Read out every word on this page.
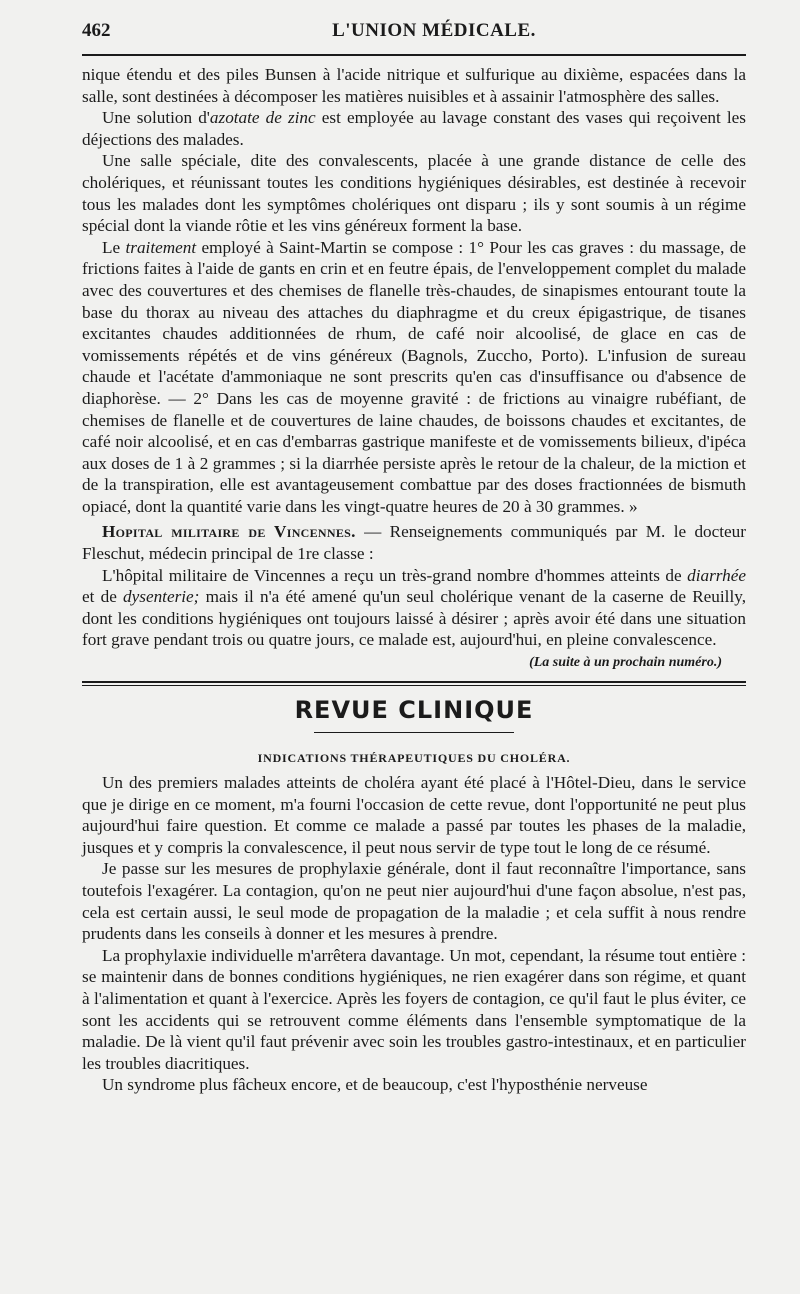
462	L'UNION MÉDICALE.

nique étendu et des piles Bunsen à l'acide nitrique et sulfurique au dixième, espacées dans la salle, sont destinées à décomposer les matières nuisibles et à assainir l'atmosphère des salles.

Une solution d'azotate de zinc est employée au lavage constant des vases qui reçoivent les déjections des malades.

Une salle spéciale, dite des convalescents, placée à une grande distance de celle des cholériques, et réunissant toutes les conditions hygiéniques désirables, est destinée à recevoir tous les malades dont les symptômes cholériques ont disparu ; ils y sont soumis à un régime spécial dont la viande rôtie et les vins généreux forment la base.

Le traitement employé à Saint-Martin se compose : 1° Pour les cas graves : du massage, de frictions faites à l'aide de gants en crin et en feutre épais, de l'enveloppement complet du malade avec des couvertures et des chemises de flanelle très-chaudes, de sinapismes entourant toute la base du thorax au niveau des attaches du diaphragme et du creux épigastrique, de tisanes excitantes chaudes additionnées de rhum, de café noir alcoolisé, de glace en cas de vomissements répétés et de vins généreux (Bagnols, Zuccho, Porto). L'infusion de sureau chaude et l'acétate d'ammoniaque ne sont prescrits qu'en cas d'insuffisance ou d'absence de diaphorèse. — 2° Dans les cas de moyenne gravité : de frictions au vinaigre rubéfiant, de chemises de flanelle et de couvertures de laine chaudes, de boissons chaudes et excitantes, de café noir alcoolisé, et en cas d'embarras gastrique manifeste et de vomissements bilieux, d'ipéca aux doses de 1 à 2 grammes ; si la diarrhée persiste après le retour de la chaleur, de la miction et de la transpiration, elle est avantageusement combattue par des doses fractionnées de bismuth opiacé, dont la quantité varie dans les vingt-quatre heures de 20 à 30 grammes. »

Hopital militaire de Vincennes. — Renseignements communiqués par M. le docteur Fleschut, médecin principal de 1re classe :

L'hôpital militaire de Vincennes a reçu un très-grand nombre d'hommes atteints de diarrhée et de dysenterie; mais il n'a été amené qu'un seul cholérique venant de la caserne de Reuilly, dont les conditions hygiéniques ont toujours laissé à désirer ; après avoir été dans une situation fort grave pendant trois ou quatre jours, ce malade est, aujourd'hui, en pleine convalescence.

(La suite à un prochain numéro.)
REVUE CLINIQUE
INDICATIONS THÉRAPEUTIQUES DU CHOLÉRA.

Un des premiers malades atteints de choléra ayant été placé à l'Hôtel-Dieu, dans le service que je dirige en ce moment, m'a fourni l'occasion de cette revue, dont l'opportunité ne peut plus aujourd'hui faire question. Et comme ce malade a passé par toutes les phases de la maladie, jusques et y compris la convalescence, il peut nous servir de type tout le long de ce résumé.

Je passe sur les mesures de prophylaxie générale, dont il faut reconnaître l'importance, sans toutefois l'exagérer. La contagion, qu'on ne peut nier aujourd'hui d'une façon absolue, n'est pas, cela est certain aussi, le seul mode de propagation de la maladie ; et cela suffit à nous rendre prudents dans les conseils à donner et les mesures à prendre.

La prophylaxie individuelle m'arrêtera davantage. Un mot, cependant, la résume tout entière : se maintenir dans de bonnes conditions hygiéniques, ne rien exagérer dans son régime, et quant à l'alimentation et quant à l'exercice. Après les foyers de contagion, ce qu'il faut le plus éviter, ce sont les accidents qui se retrouvent comme éléments dans l'ensemble symptomatique de la maladie. De là vient qu'il faut prévenir avec soin les troubles gastro-intestinaux, et en particulier les troubles diacritiques.

Un syndrome plus fâcheux encore, et de beaucoup, c'est l'hyposthénie nerveuse
